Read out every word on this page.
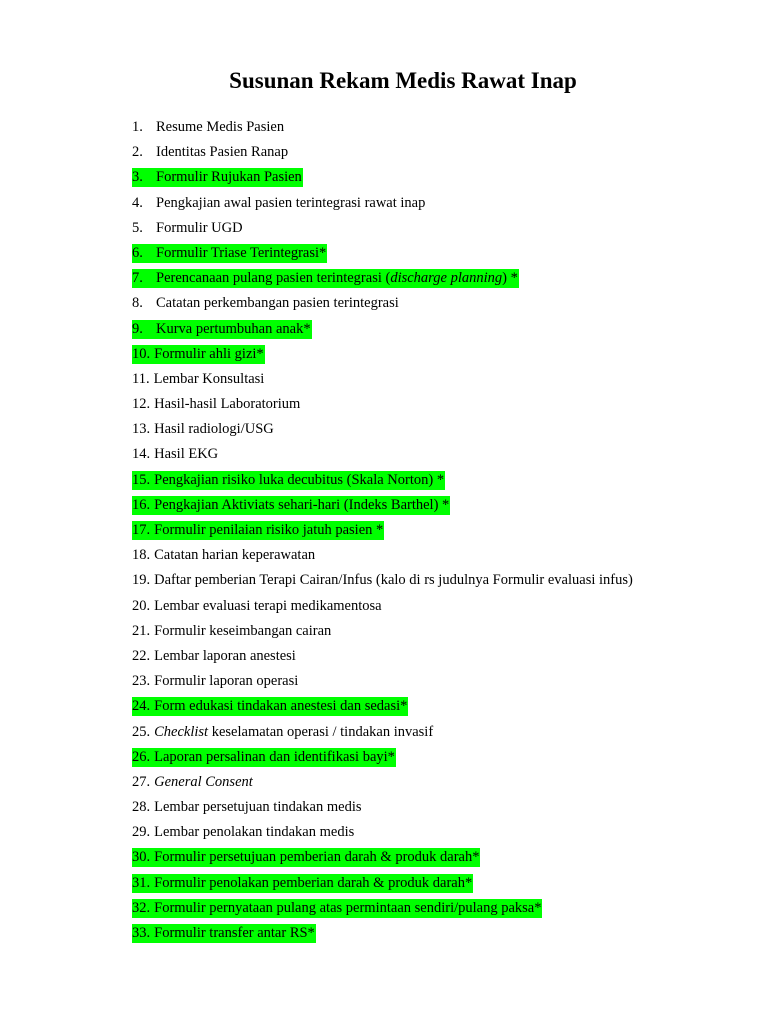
Susunan Rekam Medis Rawat Inap
1. Resume Medis Pasien
2. Identitas Pasien Ranap
3. Formulir Rujukan Pasien
4. Pengkajian awal pasien terintegrasi rawat inap
5. Formulir UGD
6. Formulir Triase Terintegrasi*
7. Perencanaan pulang pasien terintegrasi (discharge planning) *
8. Catatan perkembangan pasien terintegrasi
9. Kurva pertumbuhan anak*
10. Formulir ahli gizi*
11. Lembar Konsultasi
12. Hasil-hasil Laboratorium
13. Hasil radiologi/USG
14. Hasil EKG
15. Pengkajian risiko luka decubitus (Skala Norton) *
16. Pengkajian Aktiviats sehari-hari (Indeks Barthel) *
17. Formulir penilaian risiko jatuh pasien *
18. Catatan harian keperawatan
19. Daftar pemberian Terapi Cairan/Infus (kalo di rs judulnya Formulir evaluasi infus)
20. Lembar evaluasi terapi medikamentosa
21. Formulir keseimbangan cairan
22. Lembar laporan anestesi
23. Formulir laporan operasi
24. Form edukasi tindakan anestesi dan sedasi*
25. Checklist keselamatan operasi / tindakan invasif
26. Laporan persalinan dan identifikasi bayi*
27. General Consent
28. Lembar persetujuan tindakan medis
29. Lembar penolakan tindakan medis
30. Formulir persetujuan pemberian darah & produk darah*
31. Formulir penolakan pemberian darah & produk darah*
32. Formulir pernyataan pulang atas permintaan sendiri/pulang paksa*
33. Formulir transfer antar RS*
